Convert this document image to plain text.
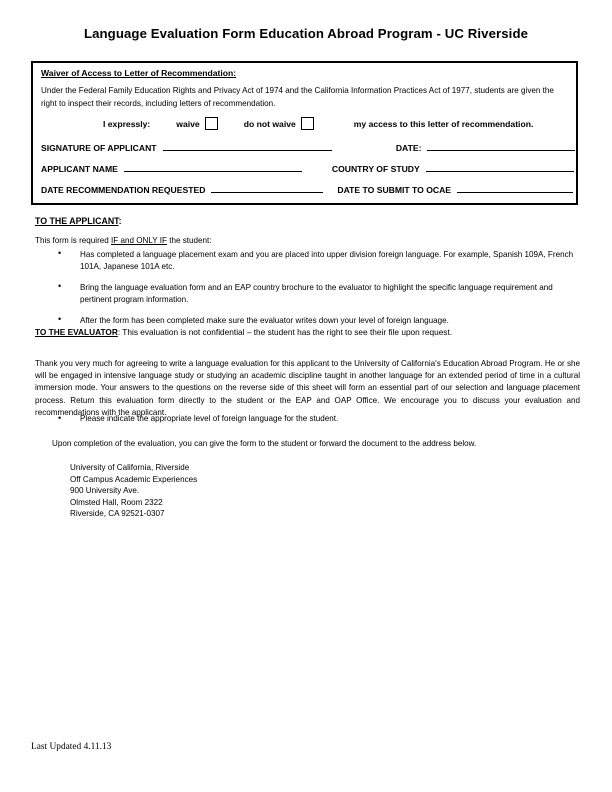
Language Evaluation Form Education Abroad Program - UC Riverside
Waiver of Access to Letter of Recommendation:
Under the Federal Family Education Rights and Privacy Act of 1974 and the California Information Practices Act of 1977, students are given the right to inspect their records, including letters of recommendation.
I expressly:	waive	do not waive	my access to this letter of recommendation.
SIGNATURE OF APPLICANT	DATE:
APPLICANT NAME	COUNTRY OF STUDY
DATE RECOMMENDATION REQUESTED	DATE TO SUBMIT TO OCAE
TO THE APPLICANT:
This form is required IF and ONLY IF the student:
• Has completed a language placement exam and you are placed into upper division foreign language. For example, Spanish 109A, French 101A, Japanese 101A etc.
• Bring the language evaluation form and an EAP country brochure to the evaluator to highlight the specific language requirement and pertinent program information.
• After the form has been completed make sure the evaluator writes down your level of foreign language.
TO THE EVALUATOR: This evaluation is not confidential – the student has the right to see their file upon request.
Thank you very much for agreeing to write a language evaluation for this applicant to the University of California's Education Abroad Program. He or she will be engaged in intensive language study or studying an academic discipline taught in another language for an extended period of time in a cultural immersion mode. Your answers to the questions on the reverse side of this sheet will form an essential part of our selection and language placement process. Return this evaluation form directly to the student or the EAP and OAP Office. We encourage you to discuss your evaluation and recommendations with the applicant.
• Please indicate the appropriate level of foreign language for the student.
Upon completion of the evaluation, you can give the form to the student or forward the document to the address below.
University of California, Riverside
Off Campus Academic Experiences
900 University Ave.
Olmsted Hall, Room 2322
Riverside, CA 92521-0307
Last Updated 4.11.13
